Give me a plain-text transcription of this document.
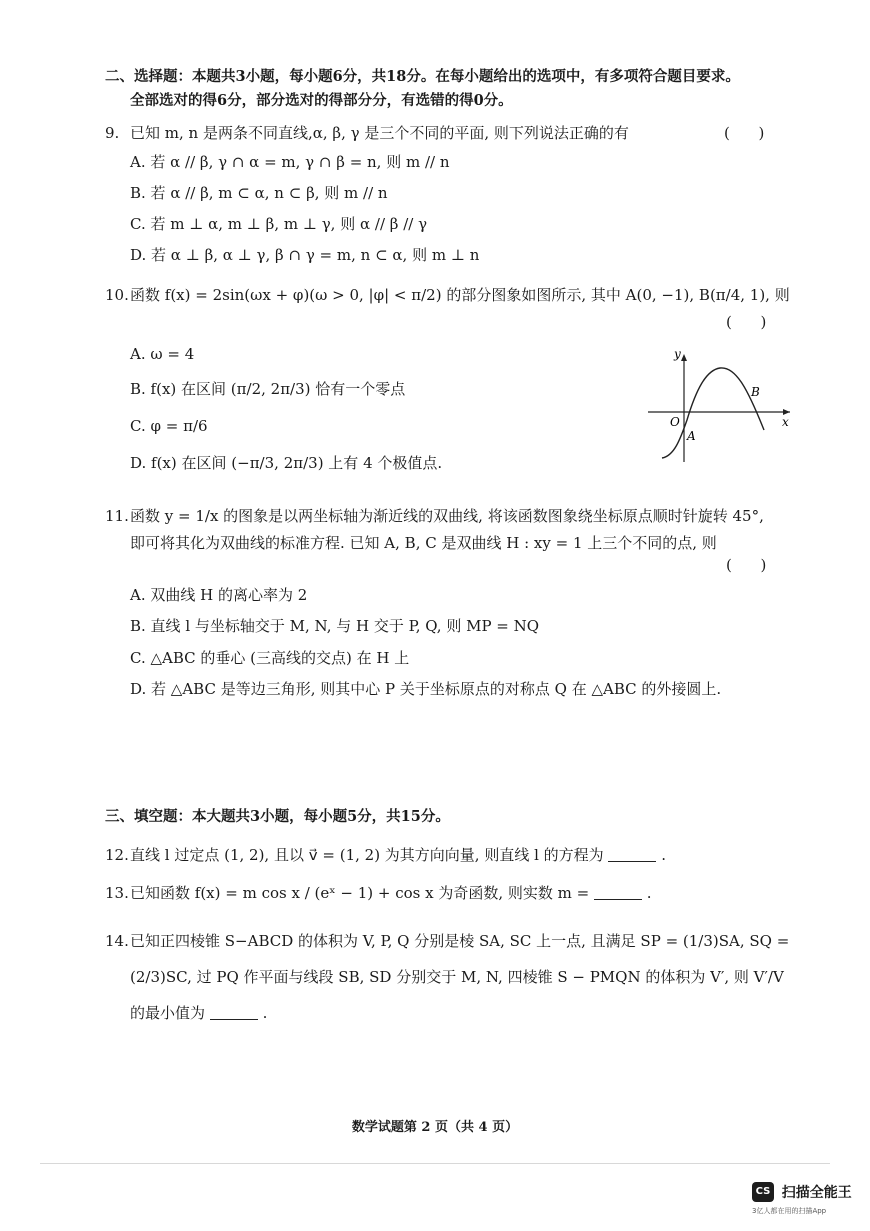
二、选择题：本题共3小题，每小题6分，共18分。在每小题给出的选项中，有多项符合题目要求。
全部选对的得6分，部分选对的得部分分，有选错的得0分。
9. 已知 m, n 是两条不同直线,α, β, γ 是三个不同的平面, 则下列说法正确的有	(      )
A. 若 α // β, γ ∩ α = m, γ ∩ β = n, 则 m // n
B. 若 α // β, m ⊂ α, n ⊂ β, 则 m // n
C. 若 m ⊥ α, m ⊥ β, m ⊥ γ, 则 α // β // γ
D. 若 α ⊥ β, α ⊥ γ, β ∩ γ = m, n ⊂ α, 则 m ⊥ n
10. 函数 f(x) = 2sin(ωx + φ)(ω > 0, |φ| < π/2) 的部分图象如图所示, 其中 A(0, −1), B(π/4, 1), 则
(      )
A. ω = 4
B. f(x) 在区间 (π/2, 2π/3) 恰有一个零点
C. φ = π/6
D. f(x) 在区间 (−π/3, 2π/3) 上有 4 个极值点.
y
x
O
A
B
11. 函数 y = 1/x 的图象是以两坐标轴为渐近线的双曲线, 将该函数图象绕坐标原点顺时针旋转 45°,
即可将其化为双曲线的标准方程. 已知 A, B, C 是双曲线 H : xy = 1 上三个不同的点, 则
(      )
A. 双曲线 H 的离心率为 2
B. 直线 l 与坐标轴交于 M, N, 与 H 交于 P, Q, 则 MP = NQ
C. △ABC 的垂心 (三高线的交点) 在 H 上
D. 若 △ABC 是等边三角形, 则其中心 P 关于坐标原点的对称点 Q 在 △ABC 的外接圆上.
三、填空题：本大题共3小题，每小题5分，共15分。
12. 直线 l 过定点 (1, 2), 且以 v⃗ = (1, 2) 为其方向向量, 则直线 l 的方程为	.
13. 已知函数 f(x) = m cos x / (eˣ − 1) + cos x 为奇函数, 则实数 m =	.
14. 已知正四棱锥 S−ABCD 的体积为 V, P, Q 分别是棱 SA, SC 上一点, 且满足 SP = (1/3)SA, SQ =
(2/3)SC, 过 PQ 作平面与线段 SB, SD 分别交于 M, N, 四棱锥 S − PMQN 的体积为 V′, 则 V′/V
的最小值为	.
数学试题第 2 页（共 4 页）
CS 扫描全能王
3亿人都在用的扫描App
